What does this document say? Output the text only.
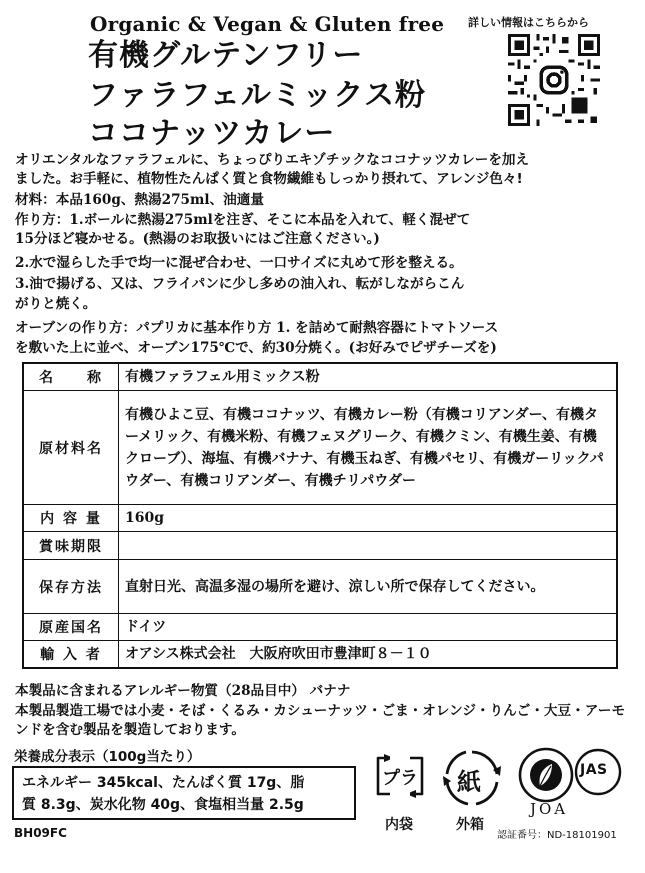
Organic & Vegan & Gluten free
有機グルテンフリー
ファラフェルミックス粉
ココナッツカレー
詳しい情報はこちらから
オリエンタルなファラフェルに、ちょっぴりエキゾチックなココナッツカレーを加え
ました。お手軽に、植物性たんぱく質と食物繊維もしっかり摂れて、アレンジ色々!
材料：本品160g、熱湯275ml、油適量
作り方：1.ボールに熱湯275mlを注ぎ、そこに本品を入れて、軽く混ぜて
15分ほど寝かせる。(熱湯のお取扱いにはご注意ください。)
2.水で湿らした手で均一に混ぜ合わせ、一口サイズに丸めて形を整える。
3.油で揚げる、又は、フライパンに少し多めの油入れ、転がしながらこん
がりと焼く。
オーブンの作り方：パプリカに基本作り方 1. を詰めて耐熱容器にトマトソース
を敷いた上に並べ、オーブン175℃で、約30分焼く。(お好みでピザチーズを)
名　　称	有機ファラフェル用ミックス粉
原材料名	有機ひよこ豆、有機ココナッツ、有機カレー粉（有機コリアンダー、有機ターメリック、有機米粉、有機フェヌグリーク、有機クミン、有機生姜、有機クローブ）、海塩、有機バナナ、有機玉ねぎ、有機パセリ、有機ガーリックパウダー、有機コリアンダー、有機チリパウダー
内 容 量	160g
賞味期限	
保存方法	直射日光、高温多湿の場所を避け、涼しい所で保存してください。
原産国名	ドイツ
輸 入 者	オアシス株式会社　大阪府吹田市豊津町８－１０
本製品に含まれるアレルギー物質（28品目中） バナナ
本製品製造工場では小麦・そば・くるみ・カシューナッツ・ごま・オレンジ・りんご・大豆・アーモンドを含む製品を製造しております。
栄養成分表示（100g当たり）
エネルギー 345kcal、たんぱく質 17g、脂
質 8.3g、炭水化物 40g、食塩相当量 2.5g
BH09FC
プラ
内袋
紙
外箱
JAS
JOA
認証番号：ND-18101901
